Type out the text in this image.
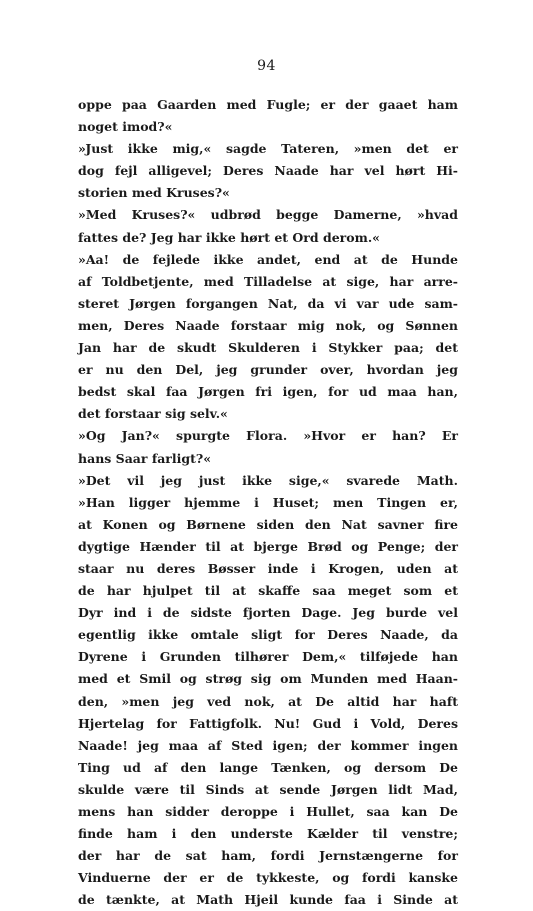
94
oppe paa Gaarden med Fugle; er der gaaet ham
noget imod?«
»Just ikke mig,« sagde Tateren, »men det er
dog fejl alligevel; Deres Naade har vel hørt Hi-
storien med Kruses?«
»Med Kruses?« udbrød begge Damerne, »hvad
fattes de? Jeg har ikke hørt et Ord derom.«
»Aa! de fejlede ikke andet, end at de Hunde
af Toldbetjente, med Tilladelse at sige, har arre-
steret Jørgen forgangen Nat, da vi var ude sam-
men, Deres Naade forstaar mig nok, og Sønnen
Jan har de skudt Skulderen i Stykker paa; det
er nu den Del, jeg grunder over, hvordan jeg
bedst skal faa Jørgen fri igen, for ud maa han,
det forstaar sig selv.«
»Og Jan?« spurgte Flora. »Hvor er han? Er
hans Saar farligt?«
»Det vil jeg just ikke sige,« svarede Math.
»Han ligger hjemme i Huset; men Tingen er,
at Konen og Børnene siden den Nat savner fire
dygtige Hænder til at bjerge Brød og Penge; der
staar nu deres Bøsser inde i Krogen, uden at
de har hjulpet til at skaffe saa meget som et
Dyr ind i de sidste fjorten Dage. Jeg burde vel
egentlig ikke omtale sligt for Deres Naade, da
Dyrene i Grunden tilhører Dem,« tilføjede han
med et Smil og strøg sig om Munden med Haan-
den, »men jeg ved nok, at De altid har haft
Hjertelag for Fattigfolk. Nu! Gud i Vold, Deres
Naade! jeg maa af Sted igen; der kommer ingen
Ting ud af den lange Tænken, og dersom De
skulde være til Sinds at sende Jørgen lidt Mad,
mens han sidder deroppe i Hullet, saa kan De
finde ham i den underste Kælder til venstre;
der har de sat ham, fordi Jernstængerne for
Vinduerne der er de tykkeste, og fordi kanske
de tænkte, at Math Hjeil kunde faa i Sinde at
